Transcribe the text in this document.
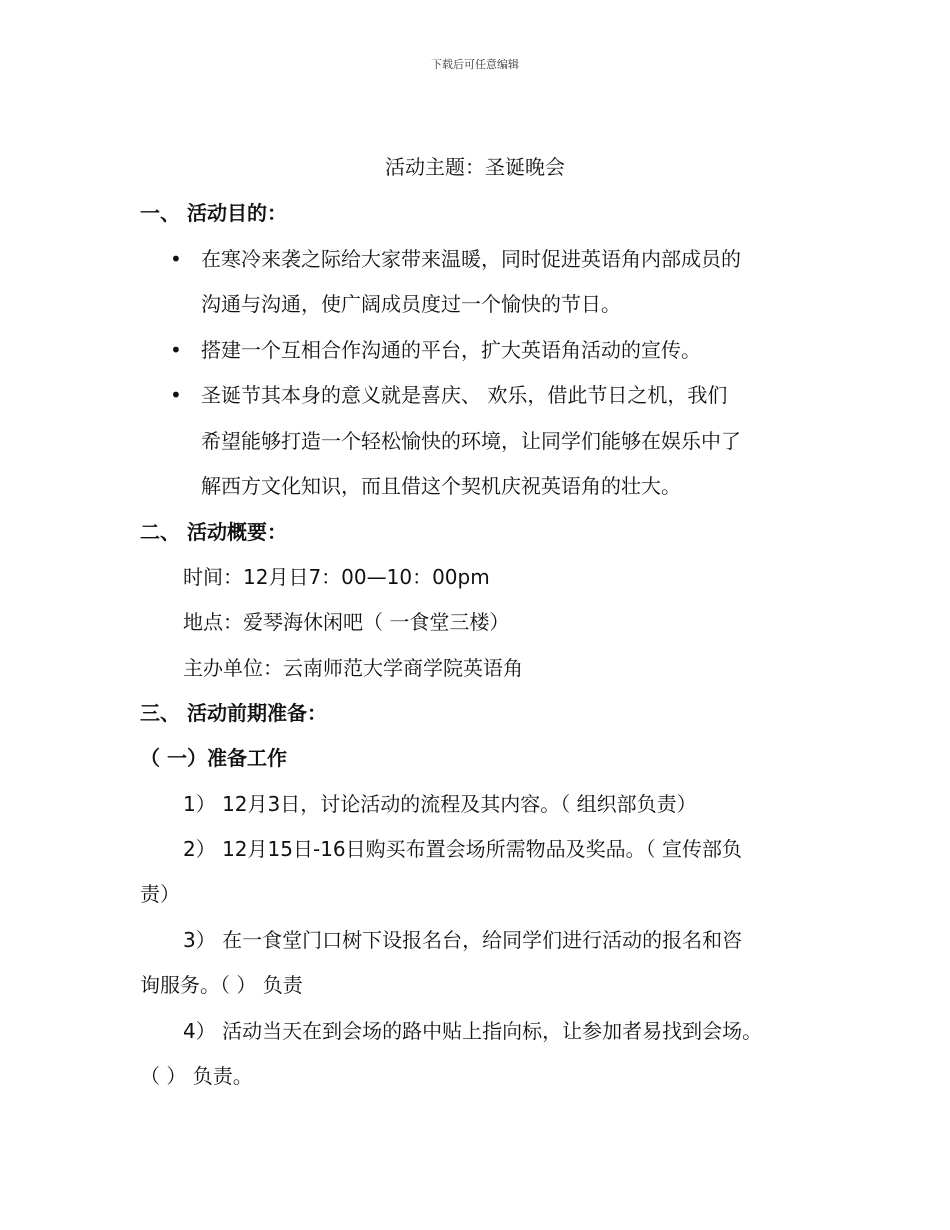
下载后可任意编辑
活动主题：圣诞晚会
一、 活动目的：
• 在寒冷来袭之际给大家带来温暖，同时促进英语角内部成员的
沟通与沟通，使广阔成员度过一个愉快的节日。
• 搭建一个互相合作沟通的平台，扩大英语角活动的宣传。
• 圣诞节其本身的意义就是喜庆、 欢乐，借此节日之机，我们
希望能够打造一个轻松愉快的环境，让同学们能够在娱乐中了
解西方文化知识，而且借这个契机庆祝英语角的壮大。
二、 活动概要：
时间：12月日7：00—10：00pm
地点：爱琴海休闲吧（ 一食堂三楼）
主办单位：云南师范大学商学院英语角
三、 活动前期准备：
（ 一）准备工作
1） 12月3日，讨论活动的流程及其内容。（ 组织部负责）
2） 12月15日-16日购买布置会场所需物品及奖品。（ 宣传部负
责）
3） 在一食堂门口树下设报名台，给同学们进行活动的报名和咨
询服务。（ ） 负责
4） 活动当天在到会场的路中贴上指向标，让参加者易找到会场。
（ ） 负责。
